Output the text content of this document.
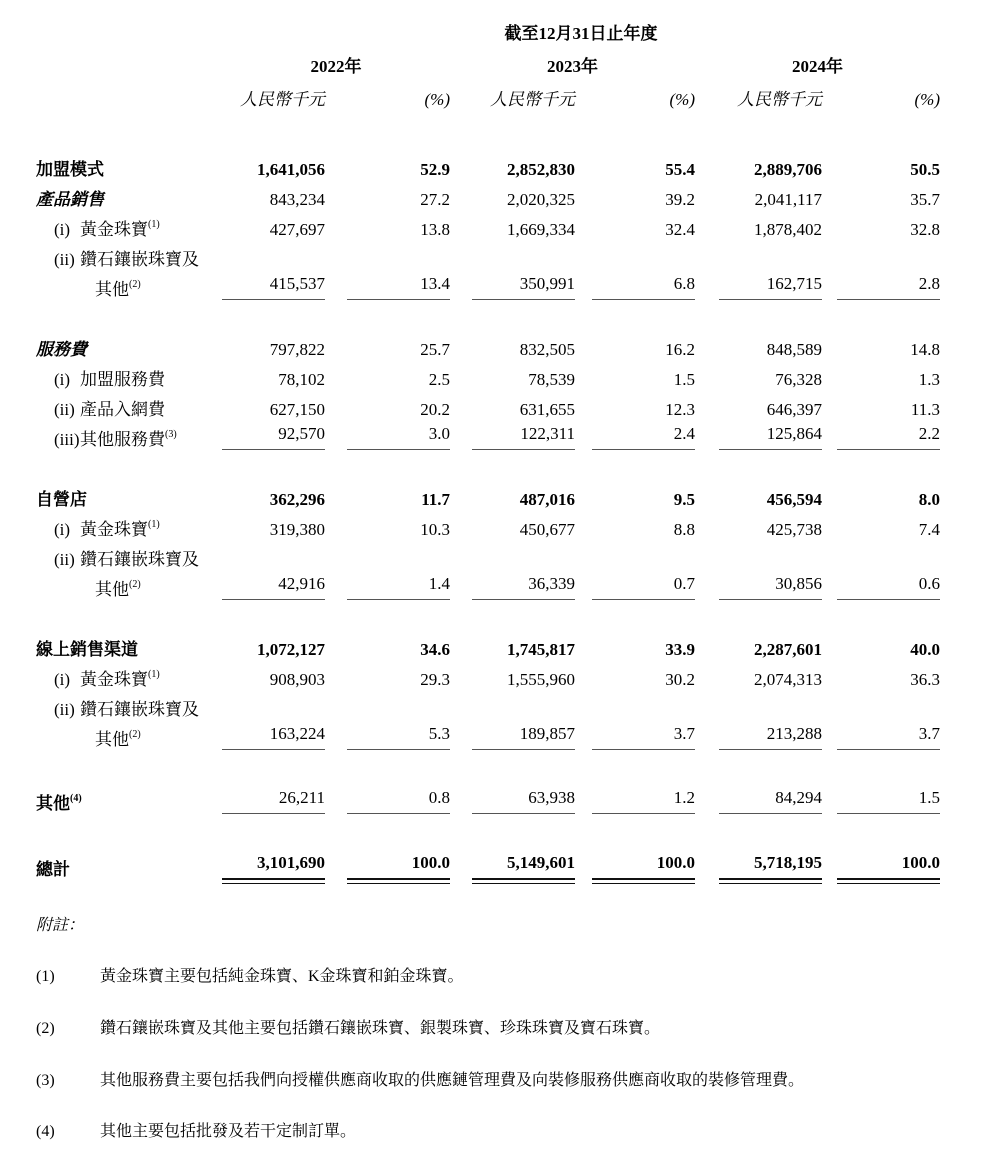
	截至12月31日止年度					
	2022年		2023年		2024年	
	人民幣千元	(%)	人民幣千元	(%)	人民幣千元	(%)

加盟模式	1,641,056	52.9	2,852,830	55.4	2,889,706	50.5
產品銷售	843,234	27.2	2,020,325	39.2	2,041,117	35.7
(i) 黃金珠寶$^{(1)}$	427,697	13.8	1,669,334	32.4	1,878,402	32.8
(ii) 鑽石鑲嵌珠寶及						
其他$^{(2)}$	415,537	13.4	350,991	6.8	162,715	2.8

服務費	797,822	25.7	832,505	16.2	848,589	14.8
(i) 加盟服務費	78,102	2.5	78,539	1.5	76,328	1.3
(ii) 產品入網費	627,150	20.2	631,655	12.3	646,397	11.3
(iii)其他服務費$^{(3)}$	92,570	3.0	122,311	2.4	125,864	2.2

自營店	362,296	11.7	487,016	9.5	456,594	8.0
(i) 黃金珠寶$^{(1)}$	319,380	10.3	450,677	8.8	425,738	7.4
(ii) 鑽石鑲嵌珠寶及						
其他$^{(2)}$	42,916	1.4	36,339	0.7	30,856	0.6

線上銷售渠道	1,072,127	34.6	1,745,817	33.9	2,287,601	40.0
(i) 黃金珠寶$^{(1)}$	908,903	29.3	1,555,960	30.2	2,074,313	36.3
(ii) 鑽石鑲嵌珠寶及						
其他$^{(2)}$	163,224	5.3	189,857	3.7	213,288	3.7

其他$^{(4)}$	26,211	0.8	63,938	1.2	84,294	1.5

總計	3,101,690	100.0	5,149,601	100.0	5,718,195	100.0
附註：
(1)	黃金珠寶主要包括純金珠寶、K金珠寶和鉑金珠寶。
(2)	鑽石鑲嵌珠寶及其他主要包括鑽石鑲嵌珠寶、銀製珠寶、珍珠珠寶及寶石珠寶。
(3)	其他服務費主要包括我們向授權供應商收取的供應鏈管理費及向裝修服務供應商收取的裝修管理費。
(4)	其他主要包括批發及若干定制訂單。
